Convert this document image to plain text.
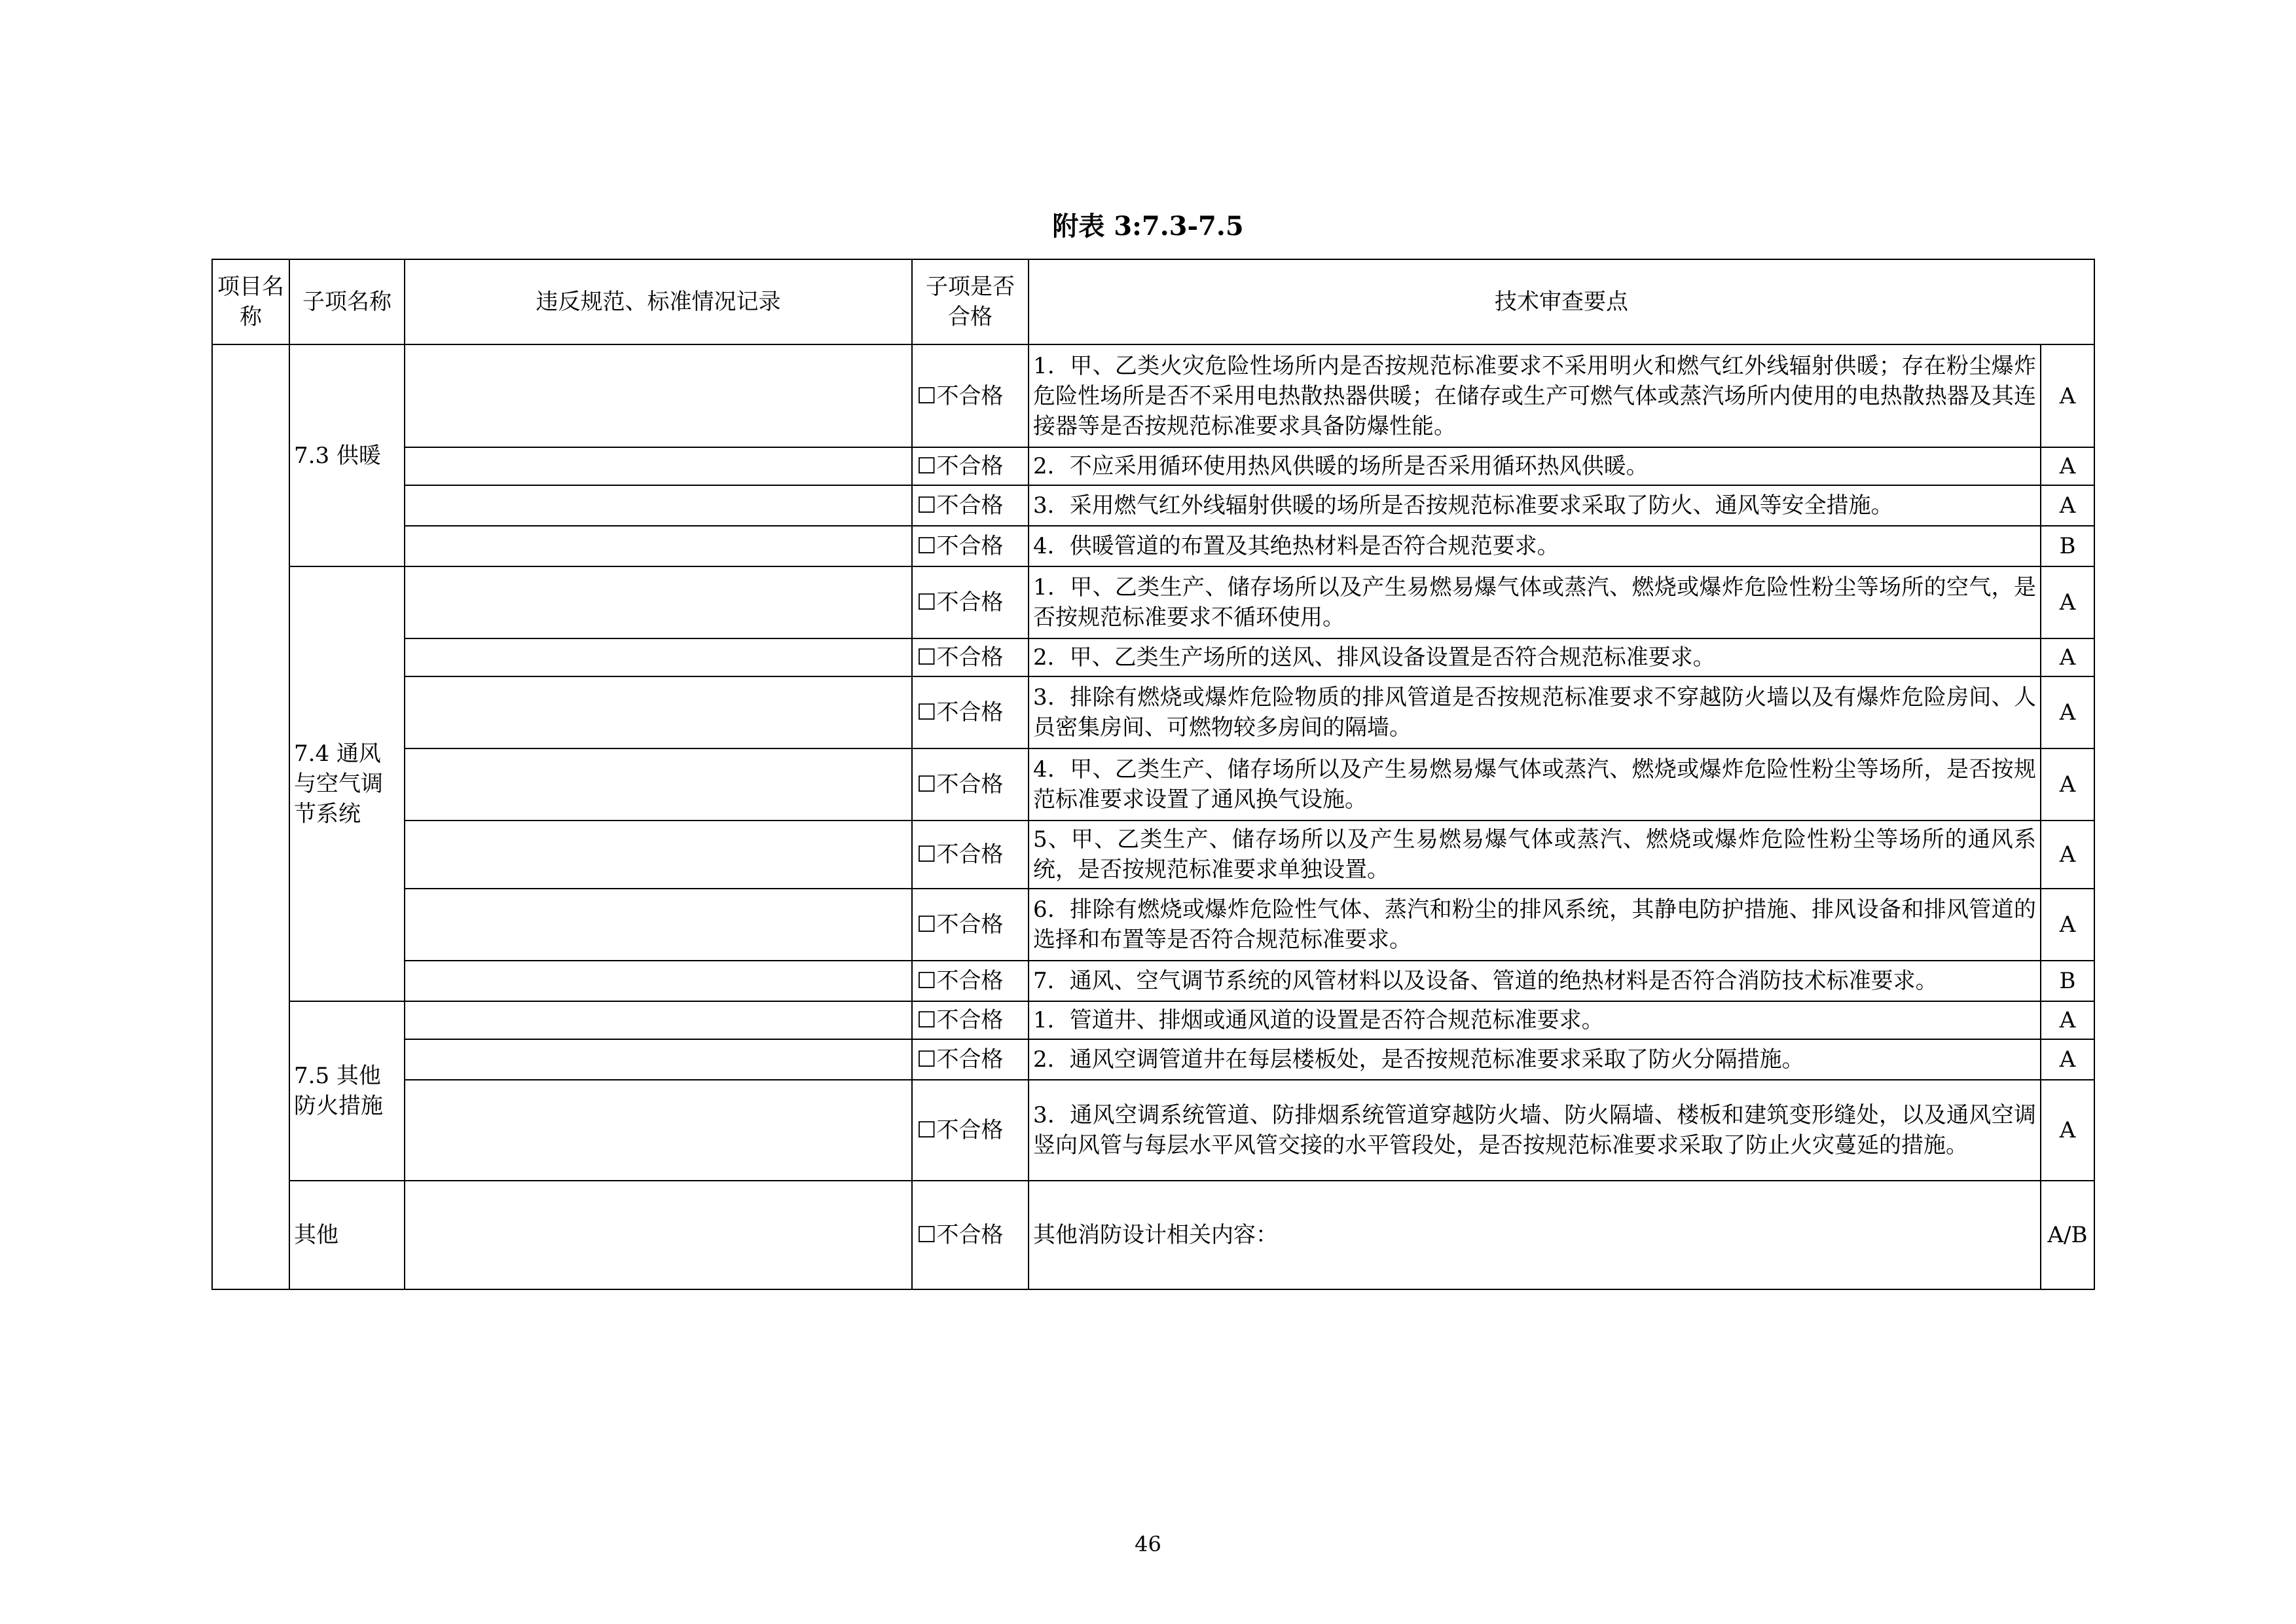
附表 3:7.3-7.5
项目名称	子项名称	违反规范、标准情况记录	子项是否合格	技术审查要点	
	7.3 供暖		☐不合格	1．甲、乙类火灾危险性场所内是否按规范标准要求不采用明火和燃气红外线辐射供暖；存在粉尘爆炸危险性场所是否不采用电热散热器供暖；在储存或生产可燃气体或蒸汽场所内使用的电热散热器及其连接器等是否按规范标准要求具备防爆性能。	A
			☐不合格	2．不应采用循环使用热风供暖的场所是否采用循环热风供暖。	A
			☐不合格	3．采用燃气红外线辐射供暖的场所是否按规范标准要求采取了防火、通风等安全措施。	A
			☐不合格	4．供暖管道的布置及其绝热材料是否符合规范要求。	B
	7.4 通风与空气调节系统		☐不合格	1．甲、乙类生产、储存场所以及产生易燃易爆气体或蒸汽、燃烧或爆炸危险性粉尘等场所的空气，是否按规范标准要求不循环使用。	A
			☐不合格	2．甲、乙类生产场所的送风、排风设备设置是否符合规范标准要求。	A
			☐不合格	3．排除有燃烧或爆炸危险物质的排风管道是否按规范标准要求不穿越防火墙以及有爆炸危险房间、人员密集房间、可燃物较多房间的隔墙。	A
			☐不合格	4．甲、乙类生产、储存场所以及产生易燃易爆气体或蒸汽、燃烧或爆炸危险性粉尘等场所，是否按规范标准要求设置了通风换气设施。	A
			☐不合格	5、甲、乙类生产、储存场所以及产生易燃易爆气体或蒸汽、燃烧或爆炸危险性粉尘等场所的通风系统，是否按规范标准要求单独设置。	A
			☐不合格	6．排除有燃烧或爆炸危险性气体、蒸汽和粉尘的排风系统，其静电防护措施、排风设备和排风管道的选择和布置等是否符合规范标准要求。	A
			☐不合格	7．通风、空气调节系统的风管材料以及设备、管道的绝热材料是否符合消防技术标准要求。	B
	7.5 其他防火措施		☐不合格	1．管道井、排烟或通风道的设置是否符合规范标准要求。	A
			☐不合格	2．通风空调管道井在每层楼板处，是否按规范标准要求采取了防火分隔措施。	A
			☐不合格	3．通风空调系统管道、防排烟系统管道穿越防火墙、防火隔墙、楼板和建筑变形缝处，以及通风空调竖向风管与每层水平风管交接的水平管段处，是否按规范标准要求采取了防止火灾蔓延的措施。	A
	其他		☐不合格	其他消防设计相关内容：	A/B
46
